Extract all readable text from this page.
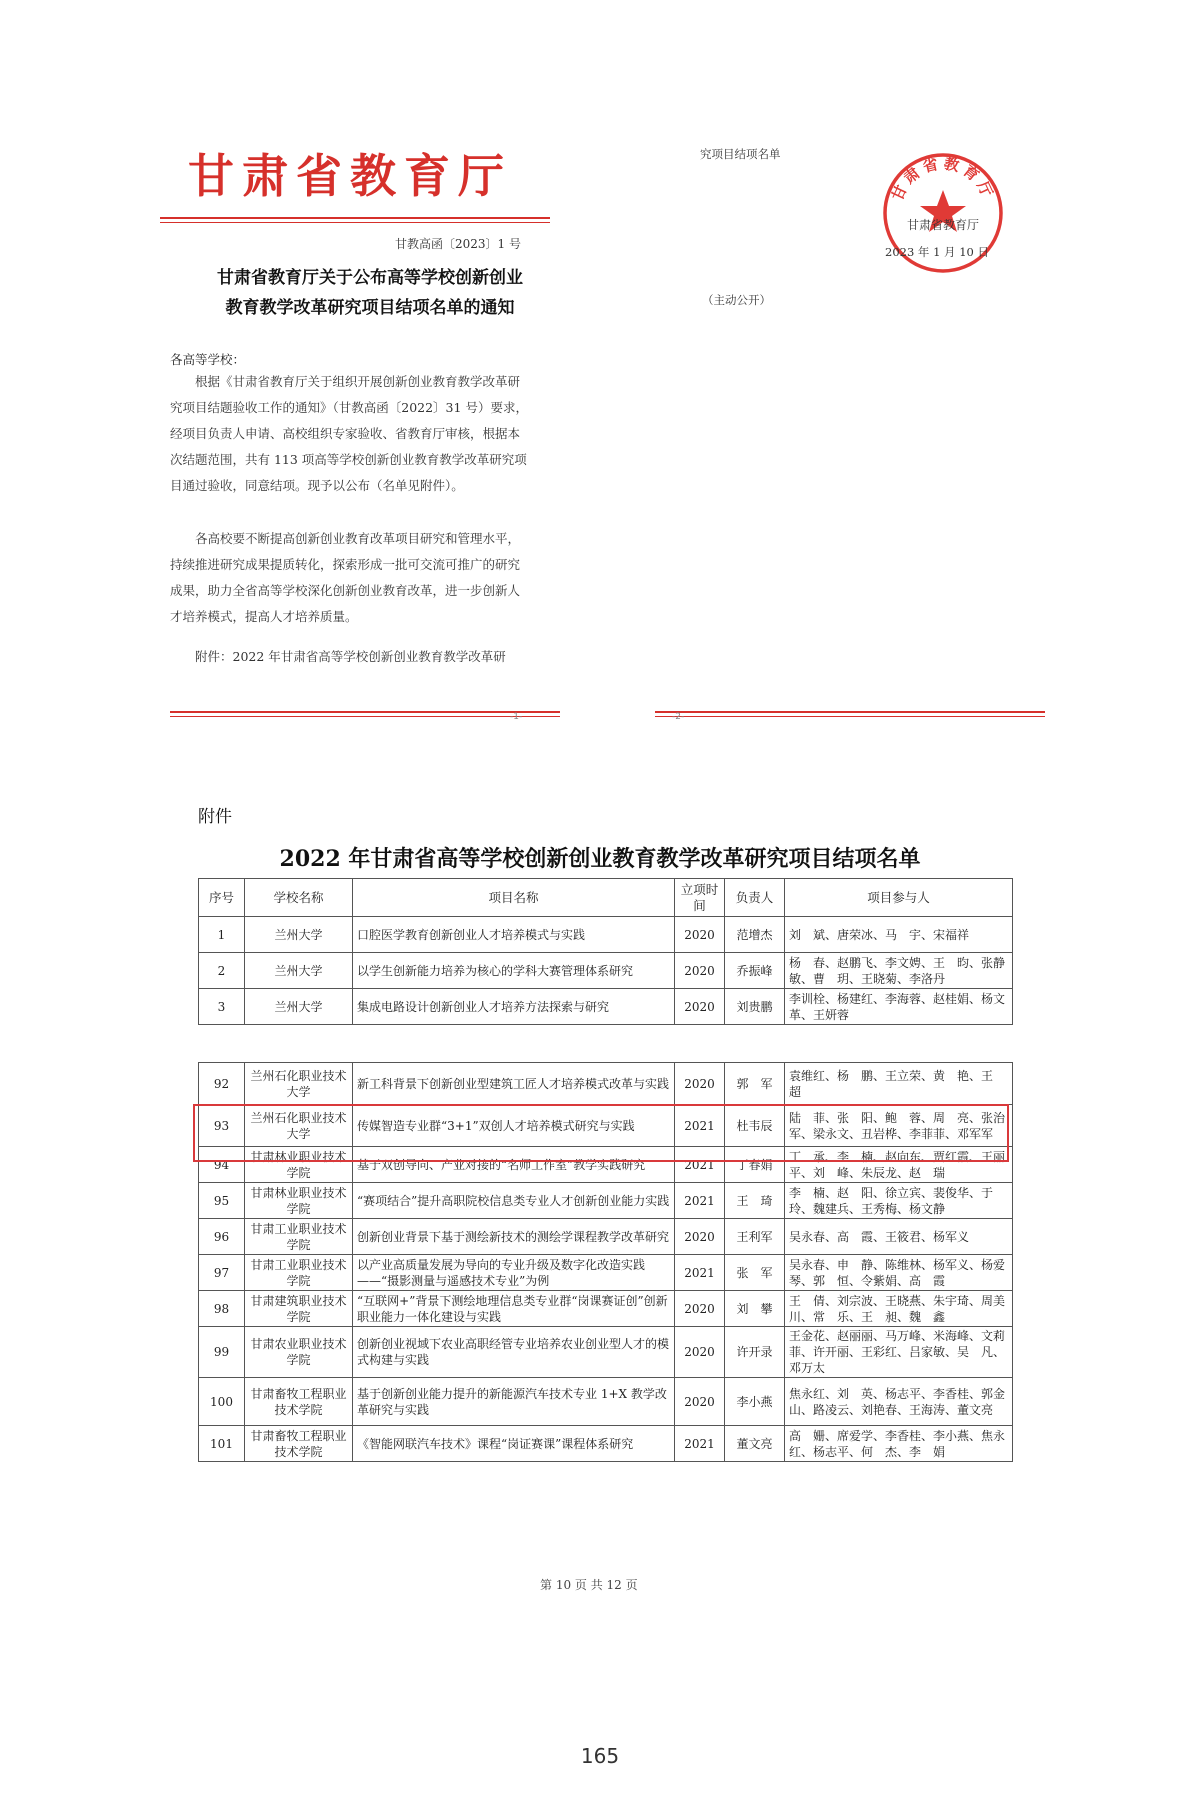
甘肃省教育厅
甘教高函〔2023〕1 号
甘肃省教育厅关于公布高等学校创新创业
教育教学改革研究项目结项名单的通知
各高等学校：
根据《甘肃省教育厅关于组织开展创新创业教育教学改革研究项目结题验收工作的通知》（甘教高函〔2022〕31 号）要求，经项目负责人申请、高校组织专家验收、省教育厅审核，根据本次结题范围，共有 113 项高等学校创新创业教育教学改革研究项目通过验收，同意结项。现予以公布（名单见附件）。
各高校要不断提高创新创业教育改革项目研究和管理水平，持续推进研究成果提质转化，探索形成一批可交流可推广的研究成果，助力全省高等学校深化创新创业教育改革，进一步创新人才培养模式，提高人才培养质量。
附件：2022 年甘肃省高等学校创新创业教育教学改革研
-1-
究项目结项名单
甘肃省教育厅
甘肃省教育厅
2023 年 1 月 10 日
（主动公开）
-2-
附件
2022 年甘肃省高等学校创新创业教育教学改革研究项目结项名单
序号	学校名称	项目名称	立项时间	负责人	项目参与人
1	兰州大学	口腔医学教育创新创业人才培养模式与实践	2020	范增杰	刘　斌、唐荣冰、马　宇、宋福祥
2	兰州大学	以学生创新能力培养为核心的学科大赛管理体系研究	2020	乔振峰	杨　春、赵鹏飞、李文娉、王　昀、张静敏、曹　玥、王晓菊、李洛丹
3	兰州大学	集成电路设计创新创业人才培养方法探索与研究	2020	刘贵鹏	李训栓、杨建红、李海蓉、赵桂娟、杨文革、王妍蓉
92	兰州石化职业技术大学	新工科背景下创新创业型建筑工匠人才培养模式改革与实践	2020	郭　军	袁维红、杨　鹏、王立荣、黄　艳、王　超
93	兰州石化职业技术大学	传媒智造专业群“3+1”双创人才培养模式研究与实践	2021	杜韦辰	陆　菲、张　阳、鲍　蓉、周　亮、张治军、梁永文、丑岩桦、李菲菲、邓军军
94	甘肃林业职业技术学院	基于双创导向、产业对接的“名师工作室”教学实践研究	2021	丁春娟	丁　承、李　楠、赵向东、贾红霞、王丽平、刘　峰、朱辰龙、赵　瑞
95	甘肃林业职业技术学院	“赛项结合”提升高职院校信息类专业人才创新创业能力实践	2021	王　琦	李　楠、赵　阳、徐立宾、裴俊华、于　玲、魏建兵、王秀梅、杨文静
96	甘肃工业职业技术学院	创新创业背景下基于测绘新技术的测绘学课程教学改革研究	2020	王利军	吴永春、高　霞、王筱君、杨军义
97	甘肃工业职业技术学院	以产业高质量发展为导向的专业升级及数字化改造实践——“摄影测量与遥感技术专业”为例	2021	张　军	吴永春、申　静、陈维林、杨军义、杨爱琴、郭　恒、令紫娟、高　霞
98	甘肃建筑职业技术学院	“互联网+”背景下测绘地理信息类专业群“岗课赛证创”创新职业能力一体化建设与实践	2020	刘　攀	王　倩、刘宗波、王晓燕、朱宇琦、周美川、常　乐、王　昶、魏　鑫
99	甘肃农业职业技术学院	创新创业视域下农业高职经管专业培养农业创业型人才的模式构建与实践	2020	许开录	王金花、赵丽丽、马万峰、米海峰、文莉菲、许开丽、王彩红、吕家敏、吴　凡、邓万太
100	甘肃畜牧工程职业技术学院	基于创新创业能力提升的新能源汽车技术专业 1+X 教学改革研究与实践	2020	李小燕	焦永红、刘　英、杨志平、李香桂、郭金山、路凌云、刘艳春、王海涛、董文亮
101	甘肃畜牧工程职业技术学院	《智能网联汽车技术》课程“岗证赛课”课程体系研究	2021	董文亮	高　姗、席爱学、李香桂、李小燕、焦永红、杨志平、何　杰、李　娟
第 10 页 共 12 页
165
